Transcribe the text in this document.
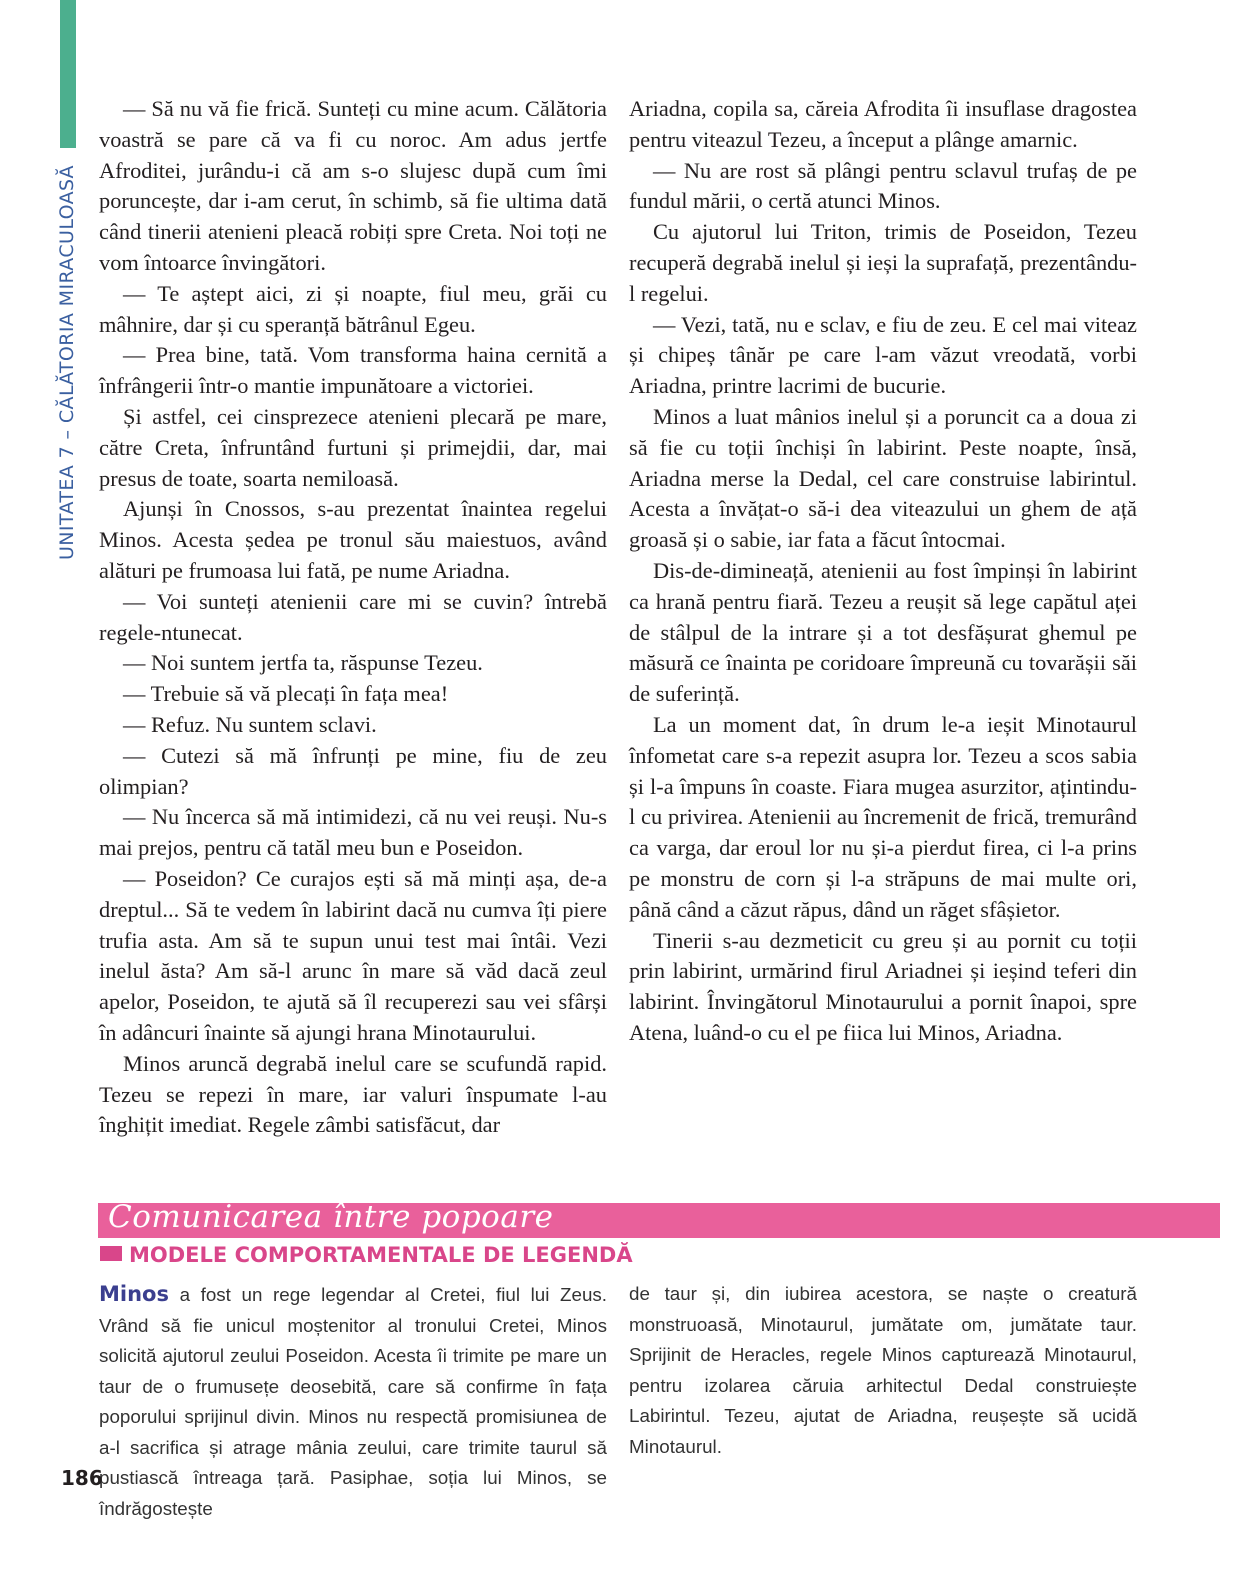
UNITATEA 7 – CĂLĂTORIA MIRACULOASĂ

— Să nu vă fie frică. Sunteți cu mine acum. Călătoria voastră se pare că va fi cu noroc. Am adus jertfe Afroditei, jurându-i că am s-o slujesc după cum îmi poruncește, dar i-am cerut, în schimb, să fie ultima dată când tinerii atenieni pleacă robiți spre Creta. Noi toți ne vom întoarce învingători.

— Te aștept aici, zi și noapte, fiul meu, grăi cu mâhnire, dar și cu speranță bătrânul Egeu.

— Prea bine, tată. Vom transforma haina cernită a înfrângerii într-o mantie impunătoare a victoriei.

Și astfel, cei cinsprezece atenieni plecară pe mare, către Creta, înfruntând furtuni și primejdii, dar, mai presus de toate, soarta nemiloasă.

Ajunși în Cnossos, s-au prezentat înaintea regelui Minos. Acesta ședea pe tronul său maiestuos, având alături pe frumoasa lui fată, pe nume Ariadna.

— Voi sunteți atenienii care mi se cuvin? întrebă regele-ntunecat.

— Noi suntem jertfa ta, răspunse Tezeu.

— Trebuie să vă plecați în fața mea!

— Refuz. Nu suntem sclavi.

— Cutezi să mă înfrunți pe mine, fiu de zeu olimpian?

— Nu încerca să mă intimidezi, că nu vei reuși. Nu-s mai prejos, pentru că tatăl meu bun e Poseidon.

— Poseidon? Ce curajos ești să mă minți așa, de-a dreptul... Să te vedem în labirint dacă nu cumva îți piere trufia asta. Am să te supun unui test mai întâi. Vezi inelul ăsta? Am să-l arunc în mare să văd dacă zeul apelor, Poseidon, te ajută să îl recuperezi sau vei sfârși în adâncuri înainte să ajungi hrana Minotaurului.

Minos aruncă degrabă inelul care se scufundă rapid. Tezeu se repezi în mare, iar valuri înspumate l-au înghițit imediat. Regele zâmbi satisfăcut, dar

Ariadna, copila sa, căreia Afrodita îi insuflase dragostea pentru viteazul Tezeu, a început a plânge amarnic.

— Nu are rost să plângi pentru sclavul trufaș de pe fundul mării, o certă atunci Minos.

Cu ajutorul lui Triton, trimis de Poseidon, Tezeu recuperă degrabă inelul și ieși la suprafață, prezentându-l regelui.

— Vezi, tată, nu e sclav, e fiu de zeu. E cel mai viteaz și chipeș tânăr pe care l-am văzut vreodată, vorbi Ariadna, printre lacrimi de bucurie.

Minos a luat mânios inelul și a poruncit ca a doua zi să fie cu toții închiși în labirint. Peste noapte, însă, Ariadna merse la Dedal, cel care construise labirintul. Acesta a învățat-o să-i dea viteazului un ghem de ață groasă și o sabie, iar fata a făcut întocmai.

Dis-de-dimineață, atenienii au fost împinși în labirint ca hrană pentru fiară. Tezeu a reușit să lege capătul aței de stâlpul de la intrare și a tot desfășurat ghemul pe măsură ce înainta pe coridoare împreună cu tovarășii săi de suferință.

La un moment dat, în drum le-a ieșit Minotaurul înfometat care s-a repezit asupra lor. Tezeu a scos sabia și l-a împuns în coaste. Fiara mugea asurzitor, ațintindu-l cu privirea. Atenienii au încremenit de frică, tremurând ca varga, dar eroul lor nu și-a pierdut firea, ci l-a prins pe monstru de corn și l-a străpuns de mai multe ori, până când a căzut răpus, dând un răget sfâșietor.

Tinerii s-au dezmeticit cu greu și au pornit cu toții prin labirint, urmărind firul Ariadnei și ieșind teferi din labirint. Învingătorul Minotaurului a pornit înapoi, spre Atena, luând-o cu el pe fiica lui Minos, Ariadna.

Comunicarea între popoare
MODELE COMPORTAMENTALE DE LEGENDĂ
Minos a fost un rege legendar al Cretei, fiul lui Zeus. Vrând să fie unicul moștenitor al tronului Cretei, Minos solicită ajutorul zeului Poseidon. Acesta îi trimite pe mare un taur de o frumusețe deosebită, care să confirme în fața poporului sprijinul divin. Minos nu respectă promisiunea de a-l sacrifica și atrage mânia zeului, care trimite taurul să pustiască întreaga țară. Pasiphae, soția lui Minos, se îndrăgostește
de taur și, din iubirea acestora, se naște o creatură monstruoasă, Minotaurul, jumătate om, jumătate taur. Sprijinit de Heracles, regele Minos capturează Minotaurul, pentru izolarea căruia arhitectul Dedal construiește Labirintul. Tezeu, ajutat de Ariadna, reușește să ucidă Minotaurul.
186
